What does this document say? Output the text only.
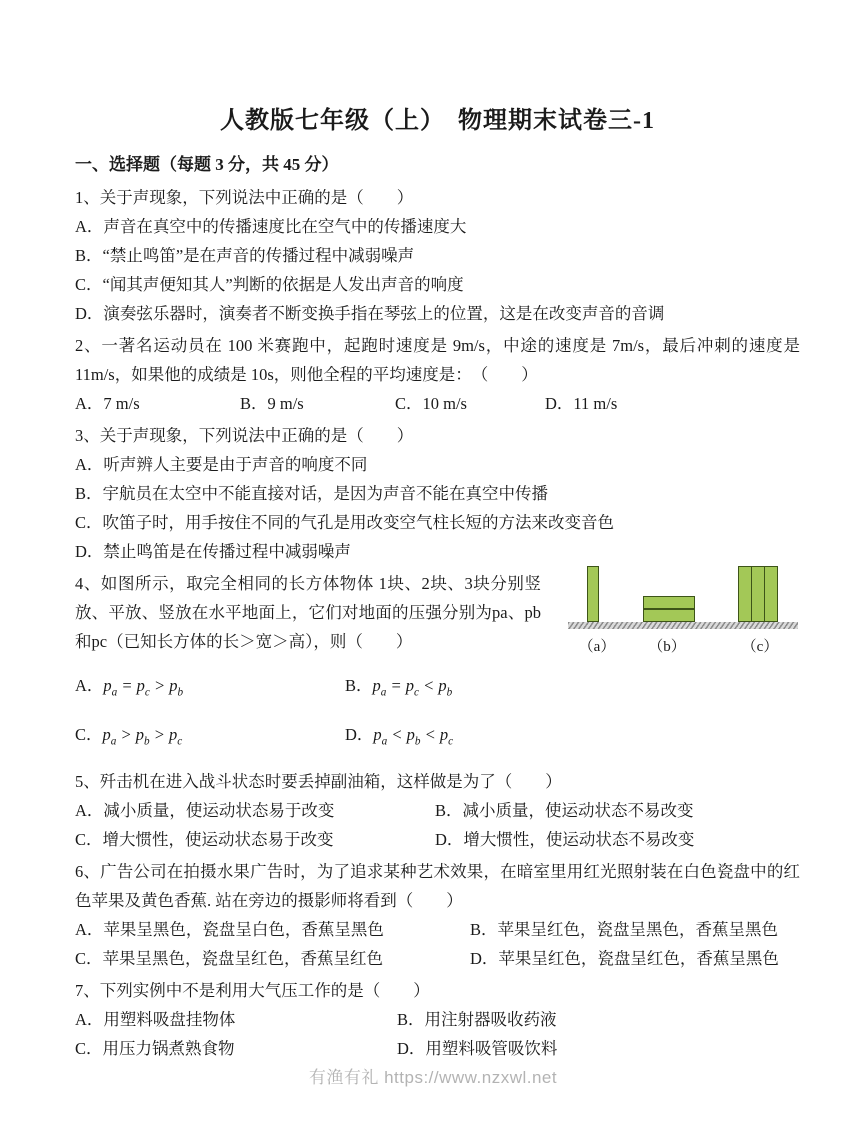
人教版七年级（上）　物理期末试卷三-1
一、选择题（每题 3 分，共 45 分）

1、关于声现象，下列说法中正确的是（　　）

A．声音在真空中的传播速度比在空气中的传播速度大

B．“禁止鸣笛”是在声音的传播过程中减弱噪声

C．“闻其声便知其人”判断的依据是人发出声音的响度

D．演奏弦乐器时，演奏者不断变换手指在琴弦上的位置，这是在改变声音的音调

2、一著名运动员在 100 米赛跑中，起跑时速度是 9m/s，中途的速度是 7m/s，最后冲刺的速度是 11m/s，如果他的成绩是 10s，则他全程的平均速度是：　（　　）

A．7 m/s	B．9 m/s	C．10 m/s	D．11 m/s

3、关于声现象，下列说法中正确的是（　　）

A．听声辨人主要是由于声音的响度不同

B．宇航员在太空中不能直接对话，是因为声音不能在真空中传播

C．吹笛子时，用手按住不同的气孔是用改变空气柱长短的方法来改变音色

D．禁止鸣笛是在传播过程中减弱噪声

4、如图所示，取完全相同的长方体物体 1块、2块、3块分别竖放、平放、竖放在水平地面上，它们对地面的压强分别为pa、pb 和pc（已知长方体的长＞宽＞高），则（　　）	（a） （b）	（c）
A．$p_a = p_c > p_b$	B．$p_a = p_c < p_b$
C．$p_a > p_b > p_c$	D．$p_a < p_b < p_c$

5、歼击机在进入战斗状态时要丢掉副油箱，这样做是为了（　　）

A．减小质量，使运动状态易于改变	B．减小质量，使运动状态不易改变
C．增大惯性，使运动状态易于改变	D．增大惯性，使运动状态不易改变

6、广告公司在拍摄水果广告时，为了追求某种艺术效果，在暗室里用红光照射装在白色瓷盘中的红色苹果及黄色香蕉. 站在旁边的摄影师将看到（　　）

A．苹果呈黑色，瓷盘呈白色，香蕉呈黑色	B．苹果呈红色，瓷盘呈黑色，香蕉呈黑色
C．苹果呈黑色，瓷盘呈红色，香蕉呈红色	D．苹果呈红色，瓷盘呈红色，香蕉呈黑色

7、下列实例中不是利用大气压工作的是（　　）

A．用塑料吸盘挂物体	B．用注射器吸收药液
C．用压力锅煮熟食物	D．用塑料吸管吸饮料
有渔有礼 https://www.nzxwl.net
